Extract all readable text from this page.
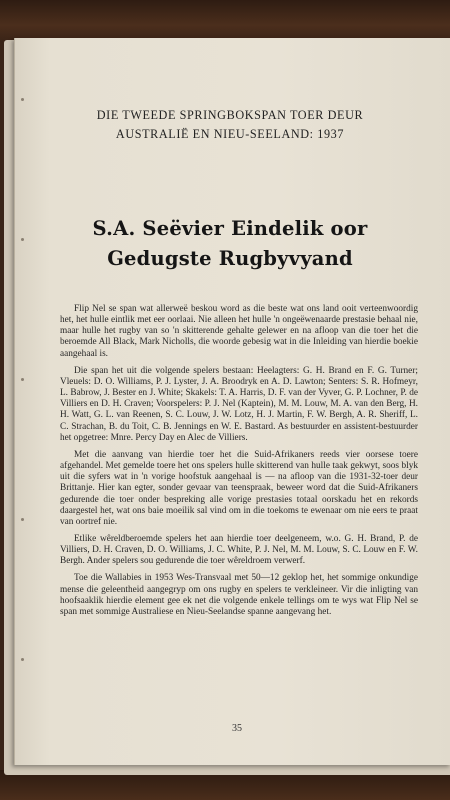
DIE TWEEDE SPRINGBOKSPAN TOER DEUR
AUSTRALIË EN NIEU-SEELAND: 1937
S.A. Seëvier Eindelik oor
Gedugste Rugbyvyand

Flip Nel se span wat allerweë beskou word as die beste wat ons land ooit verteenwoordig het, het hulle eintlik met eer oorlaai. Nie alleen het hulle 'n ongeëwenaarde prestasie behaal nie, maar hulle het rugby van so 'n skitterende gehalte gelewer en na afloop van die toer het die beroemde All Black, Mark Nicholls, die woorde gebesig wat in die Inleiding van hierdie boekie aangehaal is.

Die span het uit die volgende spelers bestaan: Heelagters: G. H. Brand en F. G. Turner; Vleuels: D. O. Williams, P. J. Lyster, J. A. Broodryk en A. D. Lawton; Senters: S. R. Hofmeyr, L. Babrow, J. Bester en J. White; Skakels: T. A. Harris, D. F. van der Vyver, G. P. Lochner, P. de Villiers en D. H. Craven; Voorspelers: P. J. Nel (Kaptein), M. M. Louw, M. A. van den Berg, H. H. Watt, G. L. van Reenen, S. C. Louw, J. W. Lotz, H. J. Martin, F. W. Bergh, A. R. Sheriff, L. C. Strachan, B. du Toit, C. B. Jennings en W. E. Bastard. As bestuurder en assistent-bestuurder het opgetree: Mnre. Percy Day en Alec de Villiers.

Met die aanvang van hierdie toer het die Suid-Afrikaners reeds vier oorsese toere afgehandel. Met gemelde toere het ons spelers hulle skitterend van hulle taak gekwyt, soos blyk uit die syfers wat in 'n vorige hoofstuk aangehaal is — na afloop van die 1931-32-toer deur Brittanje. Hier kan egter, sonder gevaar van teenspraak, beweer word dat die Suid-Afrikaners gedurende die toer onder bespreking alle vorige prestasies totaal oorskadu het en rekords daargestel het, wat ons baie moeilik sal vind om in die toekoms te ewenaar om nie eers te praat van oortref nie.

Etlike wêreldberoemde spelers het aan hierdie toer deelgeneem, w.o. G. H. Brand, P. de Villiers, D. H. Craven, D. O. Williams, J. C. White, P. J. Nel, M. M. Louw, S. C. Louw en F. W. Bergh. Ander spelers sou gedurende die toer wêreldroem verwerf.

Toe die Wallabies in 1953 Wes-Transvaal met 50—12 geklop het, het sommige onkundige mense die geleentheid aangegryp om ons rugby en spelers te verkleineer. Vir die inligting van hoofsaaklik hierdie element gee ek net die volgende enkele tellings om te wys wat Flip Nel se span met sommige Australiese en Nieu-Seelandse spanne aangevang het.

35
